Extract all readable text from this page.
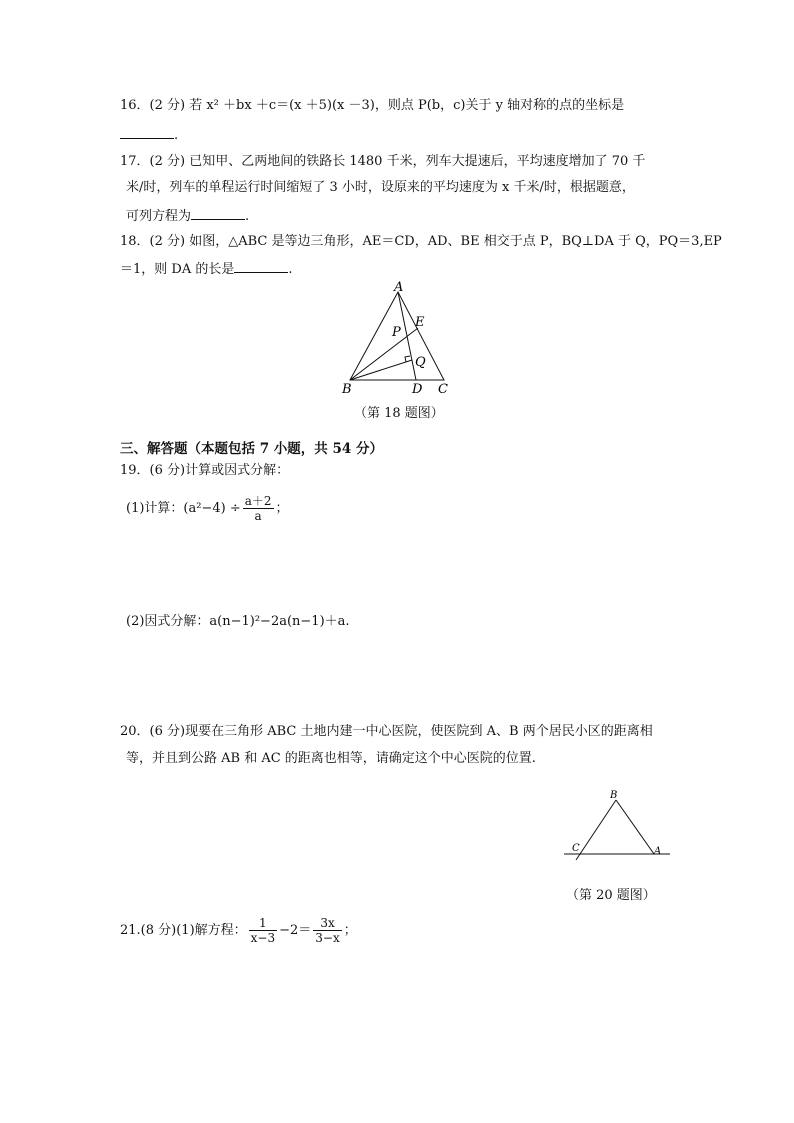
16．(2 分) 若 x² ＋bx ＋c＝(x ＋5)(x －3)，则点 P(b，c)关于 y 轴对称的点的坐标是
.
17．(2 分) 已知甲、乙两地间的铁路长 1480 千米，列车大提速后，平均速度增加了 70 千
米/时，列车的单程运行时间缩短了 3 小时，设原来的平均速度为 x 千米/时，根据题意，
可列方程为	.
18．(2 分) 如图，△ABC 是等边三角形，AE＝CD，AD、BE 相交于点 P，BQ⊥DA 于 Q，PQ＝3,EP
＝1，则 DA 的长是	.
A
B	C
D
E
P
Q
（第 18 题图）
三、解答题（本题包括 7 小题，共 54 分）
19．(6 分)计算或因式分解：
(1)计算：$(a^2-4) \div \frac{a+2}{a}$ ；
(2)因式分解：a(n−1)²−2a(n−1)＋a.
20．(6 分)现要在三角形 ABC 土地内建一中心医院，使医院到 A、B 两个居民小区的距离相
等，并且到公路 AB 和 AC 的距离也相等，请确定这个中心医院的位置.
B
C	A
（第 20 题图）
21.(8 分)(1)解方程： $\frac{1}{x-3} -2= \frac{3x}{3-x}$ ；
